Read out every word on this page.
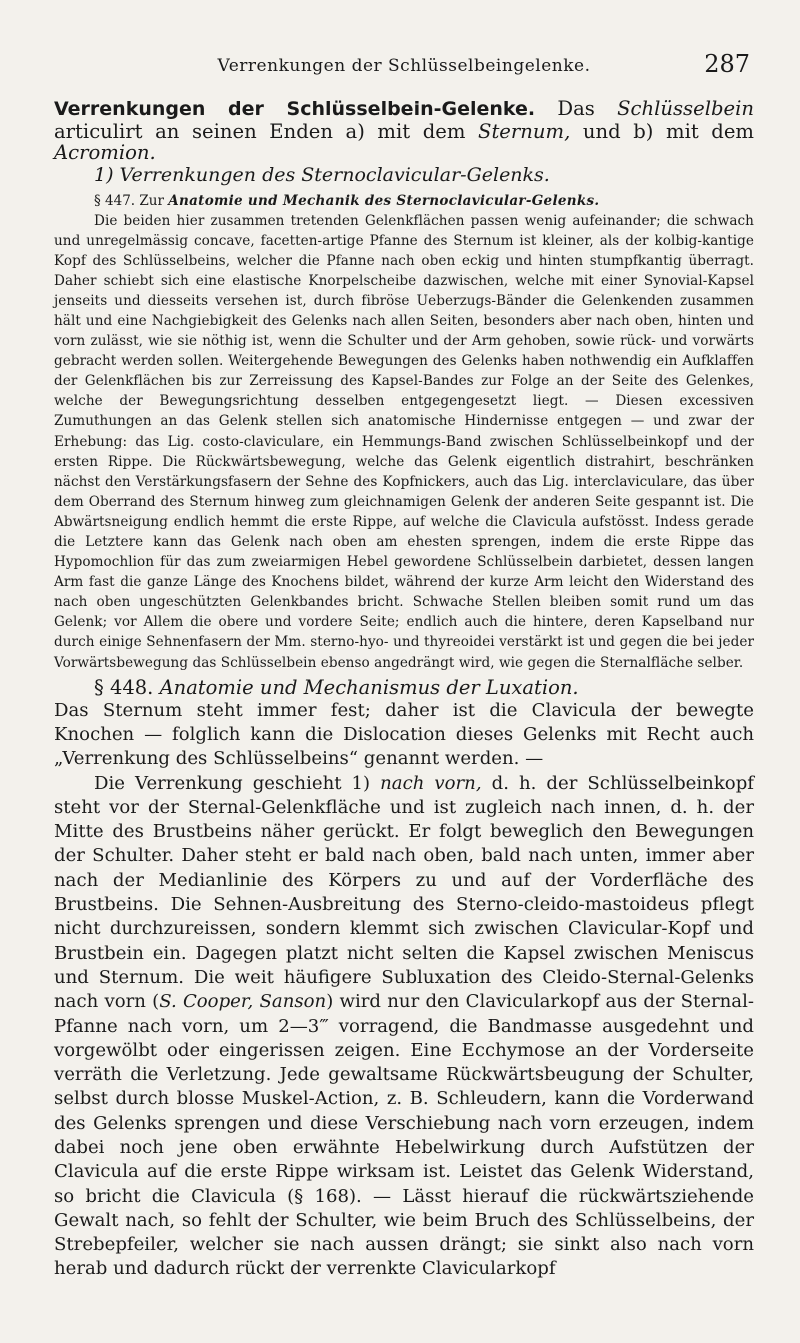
Verrenkungen der Schlüsselbeingelenke.	287

Verrenkungen der Schlüsselbein-Gelenke. Das Schlüsselbein articulirt an seinen Enden a) mit dem Sternum, und b) mit dem Acromion.

1) Verrenkungen des Sternoclavicular-Gelenks.

§ 447. Zur Anatomie und Mechanik des Sternoclavicular-Gelenks.

Die beiden hier zusammen tretenden Gelenkflächen passen wenig aufeinander; die schwach und unregelmässig concave, facetten-artige Pfanne des Sternum ist kleiner, als der kolbig-kantige Kopf des Schlüsselbeins, welcher die Pfanne nach oben eckig und hinten stumpfkantig überragt. Daher schiebt sich eine elastische Knorpelscheibe dazwischen, welche mit einer Synovial-Kapsel jenseits und diesseits versehen ist, durch fibröse Ueberzugs-Bänder die Gelenkenden zusammen hält und eine Nachgiebigkeit des Gelenks nach allen Seiten, besonders aber nach oben, hinten und vorn zulässt, wie sie nöthig ist, wenn die Schulter und der Arm gehoben, sowie rück- und vorwärts gebracht werden sollen. Weitergehende Bewegungen des Gelenks haben nothwendig ein Aufklaffen der Gelenkflächen bis zur Zerreissung des Kapsel-Bandes zur Folge an der Seite des Gelenkes, welche der Bewegungsrichtung desselben entgegengesetzt liegt. — Diesen excessiven Zumuthungen an das Gelenk stellen sich anatomische Hindernisse entgegen — und zwar der Erhebung: das Lig. costo-claviculare, ein Hemmungs-Band zwischen Schlüsselbeinkopf und der ersten Rippe. Die Rückwärtsbewegung, welche das Gelenk eigentlich distrahirt, beschränken nächst den Verstärkungsfasern der Sehne des Kopfnickers, auch das Lig. interclaviculare, das über dem Oberrand des Sternum hinweg zum gleichnamigen Gelenk der anderen Seite gespannt ist. Die Abwärtsneigung endlich hemmt die erste Rippe, auf welche die Clavicula aufstösst. Indess gerade die Letztere kann das Gelenk nach oben am ehesten sprengen, indem die erste Rippe das Hypomochlion für das zum zweiarmigen Hebel gewordene Schlüsselbein darbietet, dessen langen Arm fast die ganze Länge des Knochens bildet, während der kurze Arm leicht den Widerstand des nach oben ungeschützten Gelenkbandes bricht. Schwache Stellen bleiben somit rund um das Gelenk; vor Allem die obere und vordere Seite; endlich auch die hintere, deren Kapselband nur durch einige Sehnenfasern der Mm. sterno-hyo- und thyreoidei verstärkt ist und gegen die bei jeder Vorwärtsbewegung das Schlüsselbein ebenso angedrängt wird, wie gegen die Sternalfläche selber.

§ 448. Anatomie und Mechanismus der Luxation.

Das Sternum steht immer fest; daher ist die Clavicula der bewegte Knochen — folglich kann die Dislocation dieses Gelenks mit Recht auch „Verrenkung des Schlüsselbeins“ genannt werden. —

Die Verrenkung geschieht 1) nach vorn, d. h. der Schlüsselbeinkopf steht vor der Sternal-Gelenkfläche und ist zugleich nach innen, d. h. der Mitte des Brustbeins näher gerückt. Er folgt beweglich den Bewegungen der Schulter. Daher steht er bald nach oben, bald nach unten, immer aber nach der Medianlinie des Körpers zu und auf der Vorderfläche des Brustbeins. Die Sehnen-Ausbreitung des Sterno-cleido-mastoideus pflegt nicht durchzureissen, sondern klemmt sich zwischen Clavicular-Kopf und Brustbein ein. Dagegen platzt nicht selten die Kapsel zwischen Meniscus und Sternum. Die weit häufigere Subluxation des Cleido-Sternal-Gelenks nach vorn (S. Cooper, Sanson) wird nur den Clavicularkopf aus der Sternal-Pfanne nach vorn, um 2—3‴ vorragend, die Bandmasse ausgedehnt und vorgewölbt oder eingerissen zeigen. Eine Ecchymose an der Vorderseite verräth die Verletzung. Jede gewaltsame Rückwärtsbeugung der Schulter, selbst durch blosse Muskel-Action, z. B. Schleudern, kann die Vorderwand des Gelenks sprengen und diese Verschiebung nach vorn erzeugen, indem dabei noch jene oben erwähnte Hebelwirkung durch Aufstützen der Clavicula auf die erste Rippe wirksam ist. Leistet das Gelenk Widerstand, so bricht die Clavicula (§ 168). — Lässt hierauf die rückwärtsziehende Gewalt nach, so fehlt der Schulter, wie beim Bruch des Schlüsselbeins, der Strebepfeiler, welcher sie nach aussen drängt; sie sinkt also nach vorn herab und dadurch rückt der verrenkte Clavicularkopf
